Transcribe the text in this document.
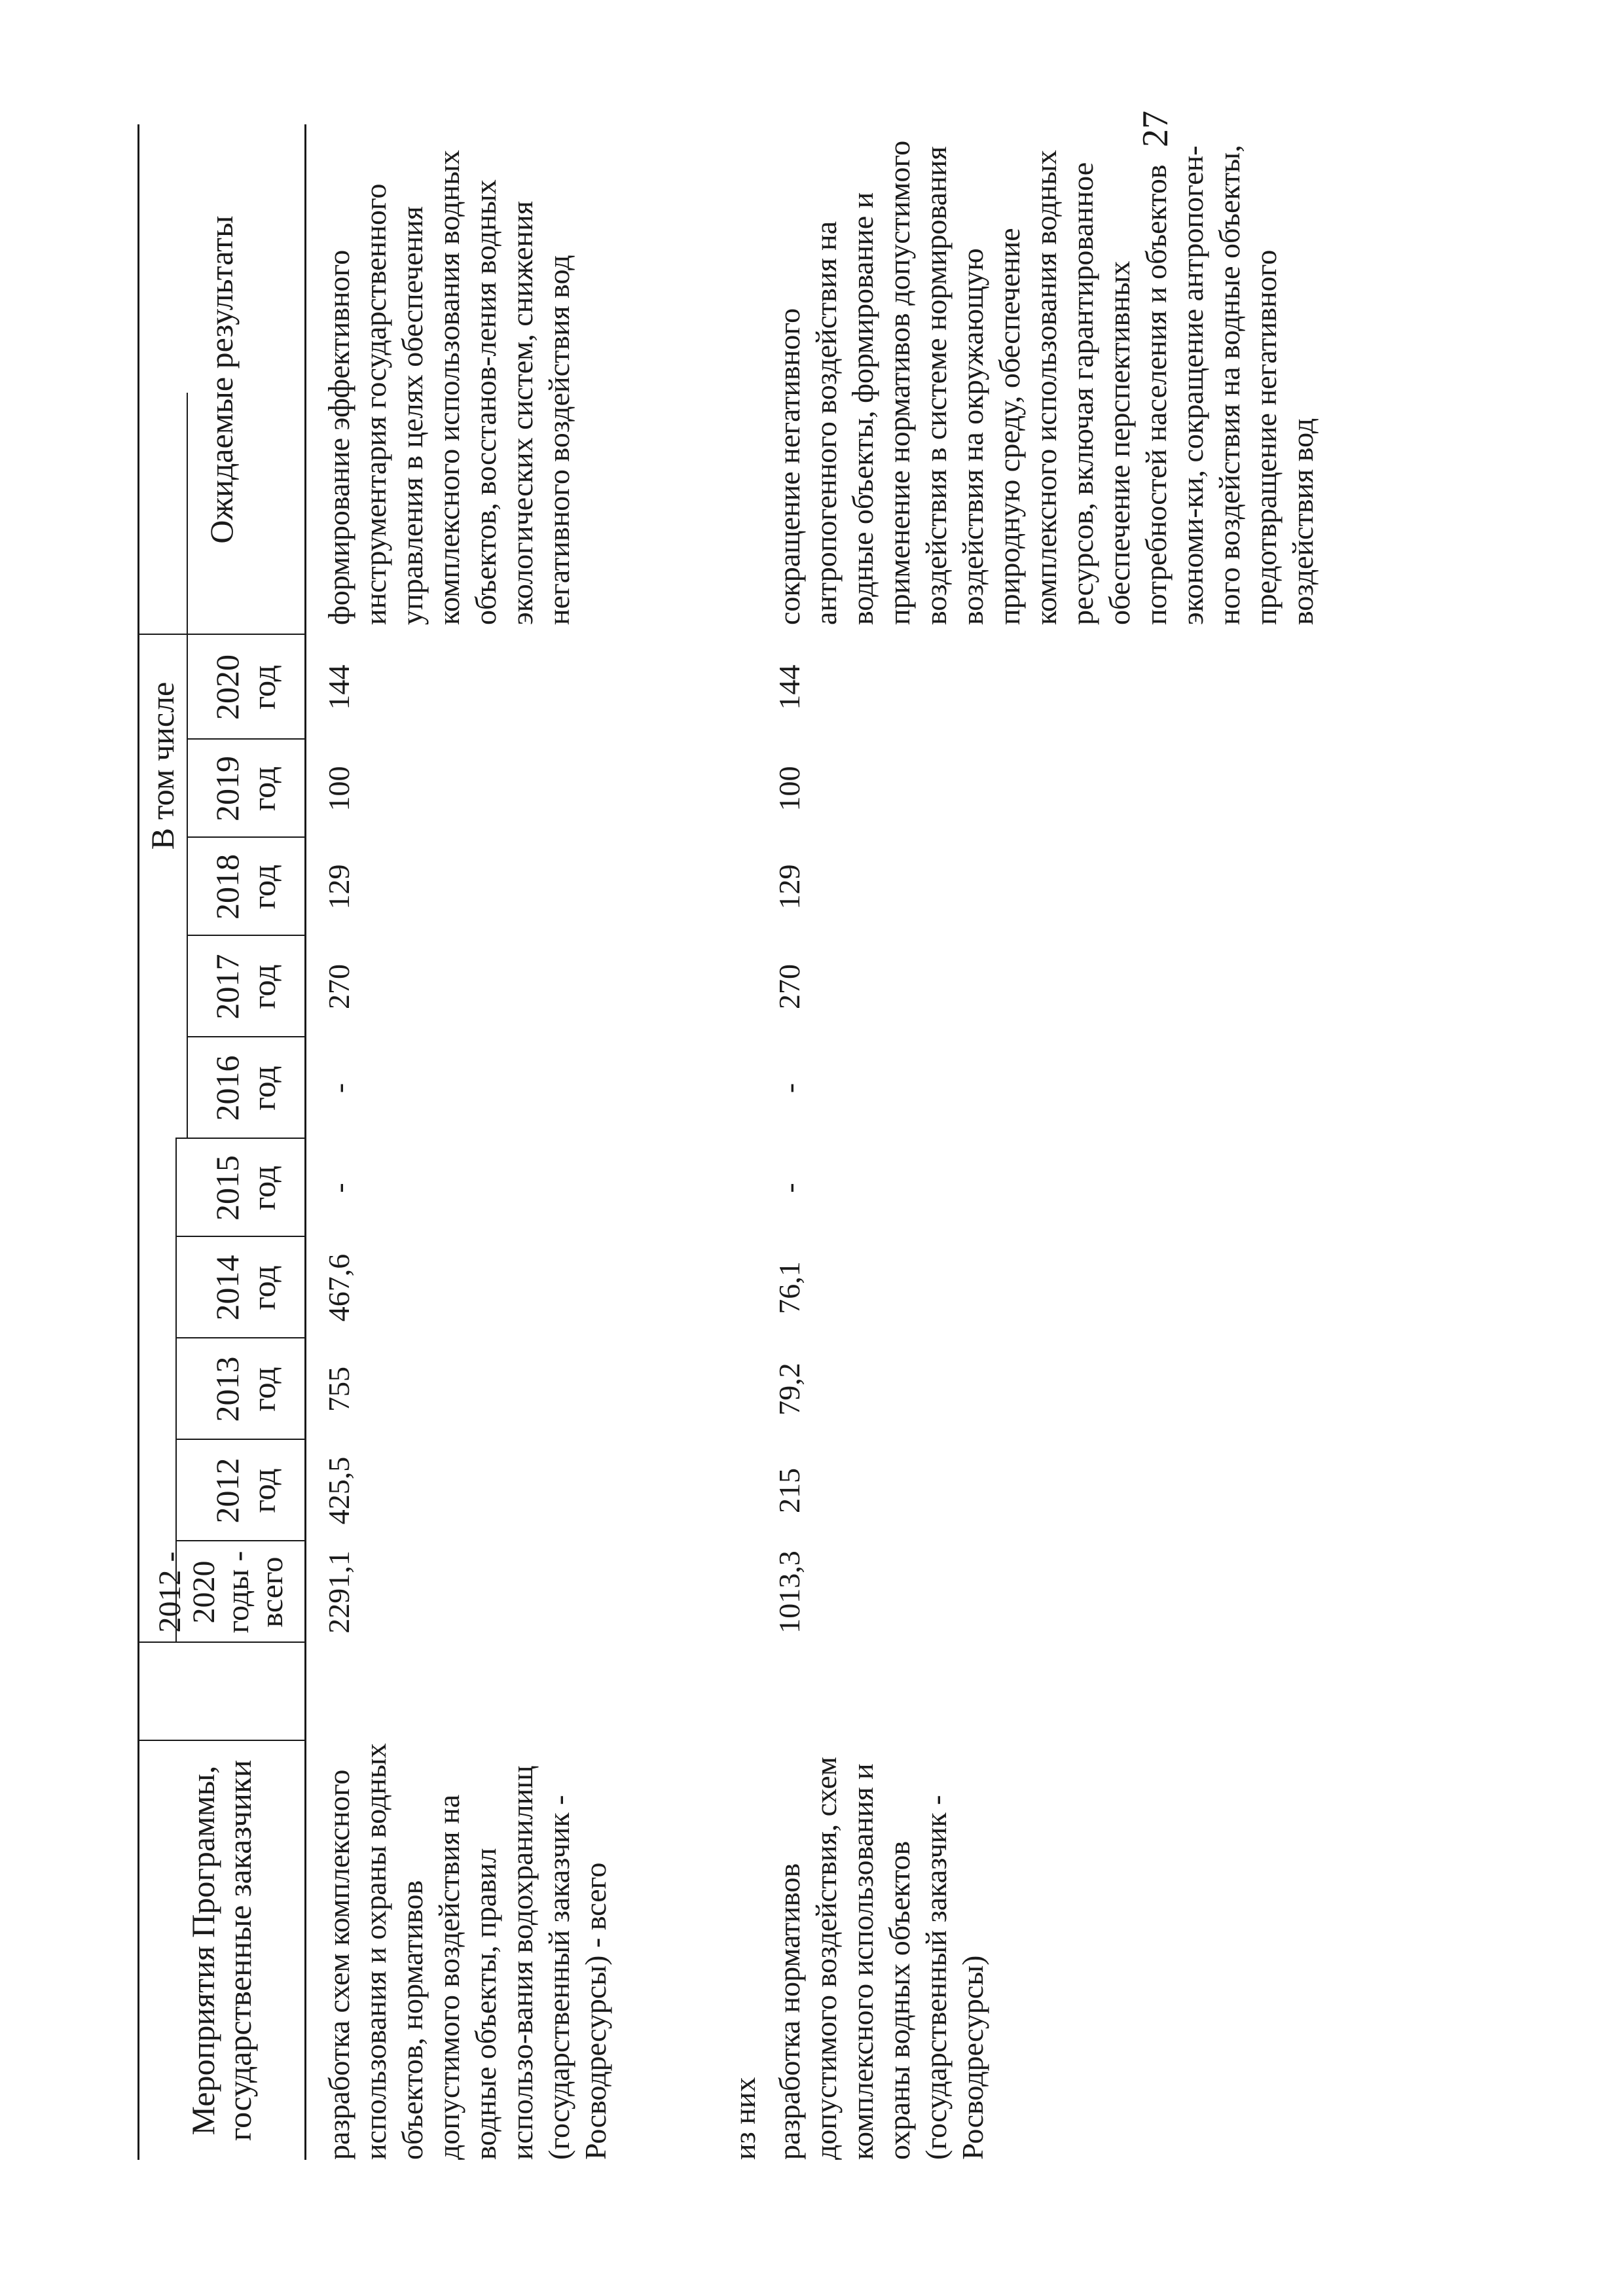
27
Мероприятия Программы, государственные заказчики
2012 - 2020 годы - всего
В том числе
2012 год
2013 год
2014 год
2015 год
2016 год
2017 год
2018 год
2019 год
2020 год
Ожидаемые результаты
разработка схем комплексного использования и охраны водных объектов, нормативов допустимого воздействия на водные объекты, правил использо-вания водохранилищ (государственный заказчик - Росводресурсы) - всего
2291,1
425,5
755
467,6
-
-
270
129
100
144
формирование эффективного инструментария государственного управления в целях обеспечения комплексного использования водных объектов, восстанов-ления водных экологических систем, снижения негативного воздействия вод
из них разработка нормативов допустимого воздействия, схем комплексного использования и охраны водных объектов (государственный заказчик - Росводресурсы)
1013,3
215
79,2
76,1
-
-
270
129
100
144
сокращение негативного антропогенного воздействия на водные объекты, формирование и применение нормативов допустимого воздействия в системе нормирования воздействия на окружающую природную среду, обеспечение комплексного использования водных ресурсов, включая гарантированное обеспечение перспективных потребностей населения и объектов экономи-ки, сокращение антропоген-ного воздействия на водные объекты, предотвращение негативного воздействия вод
